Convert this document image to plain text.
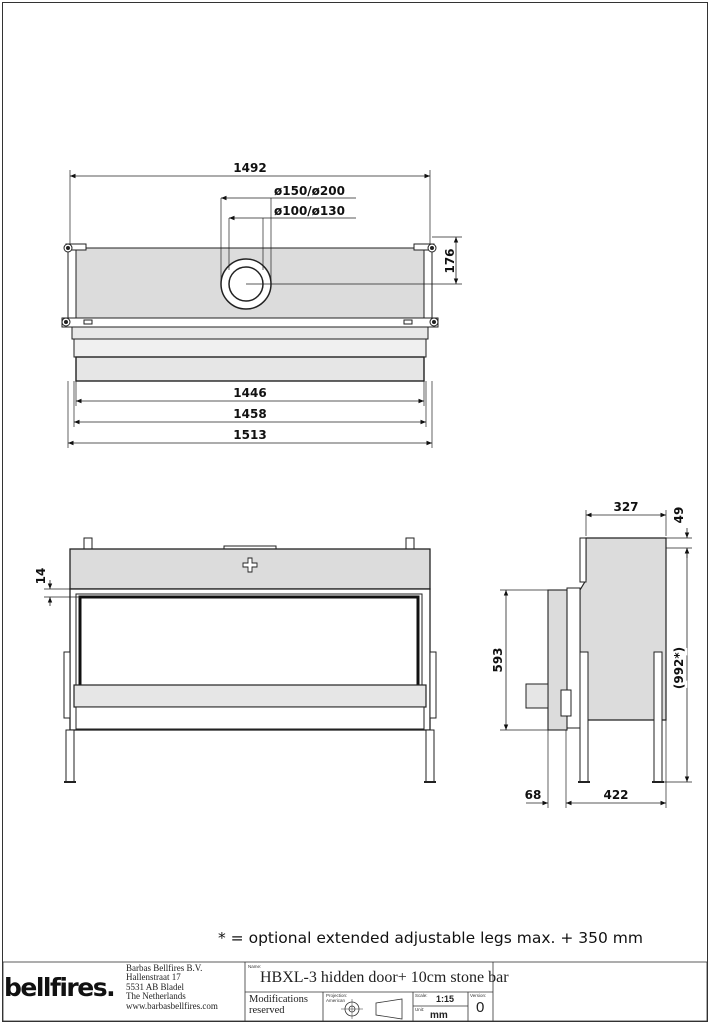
1492
ø150/ø200
ø100/ø130
176
1446
1458
1513
14
327	49
593	(992*)
68	422
* = optional extended adjustable legs max. + 350 mm
bellfires.
Barbas Bellfires B.V.
Hallenstraat 17
5531 AB Bladel
The Netherlands
www.barbasbellfires.com
Name:
HBXL-3 hidden door+ 10cm stone bar
Modifications
reserved
Projection:
American
Scale: 1:15
Unit:
mm
Version:
0
